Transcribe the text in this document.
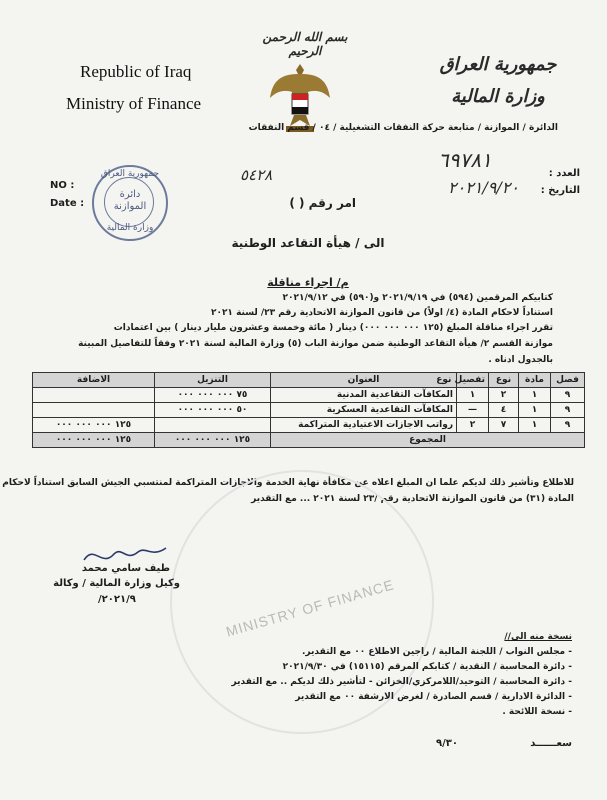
Republic of Iraq
Ministry of Finance
بسم الله الرحمن الرحيم
جمهورية العراق
وزارة المالية
الدائرة / الموازنة / متابعة حركة النفقات التشغيلية / ٠٤ / قسم النفقات
NO :
Date :
العدد :
٦٩٧٨١
التاريخ :
٢٠٢١/٩/٢٠
٥٤٢٨
امر رقم ( )
جمهورية العراق
دائرة الموازنة
وزارة المالية
الى / هيأة التقاعد الوطنية
م/ اجراء مناقلة
كتابيكم المرقمين (٥٩٤) في ٢٠٢١/٩/١٩ و(٥٩٠) في ٢٠٢١/٩/١٢
استناداً لاحكام المادة (٤/ اولاً) من قانون الموازنة الاتحادية رقم ٢٣/ لسنة ٢٠٢١
تقرر اجراء مناقلة المبلغ (١٢٥ ٠٠٠ ٠٠٠ ٠٠٠) دينار ( مائة وخمسة وعشرون مليار دينار ) بين اعتمادات
موازنة القسم ٢/ هيأة التقاعد الوطنية ضمن موازنة الباب (٥) وزارة المالية لسنة ٢٠٢١ وفقاً للتفاصيل المبينة
بالجدول ادناه .
فصل	مادة	نوع	تفصيل نوع	العنوان	التنزيل	الاضافة
٩	١	٢	١	المكافآت التقاعدية المدنية	٧٥ ٠٠٠ ٠٠٠ ٠٠٠	
٩	١	٤	—	المكافآت التقاعدية العسكرية	٥٠ ٠٠٠ ٠٠٠ ٠٠٠	
٩	١	٧	٢	رواتب الاجازات الاعتيادية المتراكمة		١٢٥ ٠٠٠ ٠٠٠ ٠٠٠
المجموع					١٢٥ ٠٠٠ ٠٠٠ ٠٠٠	١٢٥ ٠٠٠ ٠٠٠ ٠٠٠
للاطلاع وتأشير ذلك لديكم علما ان المبلغ اعلاه عن مكافأة نهاية الخدمة والاجازات المتراكمة لمنتسبي الجيش السابق استناداً لاحكام
المادة (٣١) من قانون الموازنة الاتحادية رقم /٢٣ لسنة ٢٠٢١ ... مع التقدير
MINISTRY OF FINANCE
طيف سامي محمد
وكيل وزارة المالية / وكالة
٢٠٢١/٩/
نسخة منه الى//
- مجلس النواب / اللجنة المالية / راجين الاطلاع ٠٠ مع التقدير.
- دائرة المحاسبة / النقدية / كتابكم المرقم (١٥١١٥) في ٢٠٢١/٩/٣٠
- دائرة المحاسبة / التوحيد/اللامركزي/الخزائن - لتأشير ذلك لديكم .. مع التقدير
- الدائرة الادارية / قسم الصادرة / لغرض الارشفة ٠٠ مع التقدير
- نسخة اللائحة .
سعــــــد
٩/٣٠
